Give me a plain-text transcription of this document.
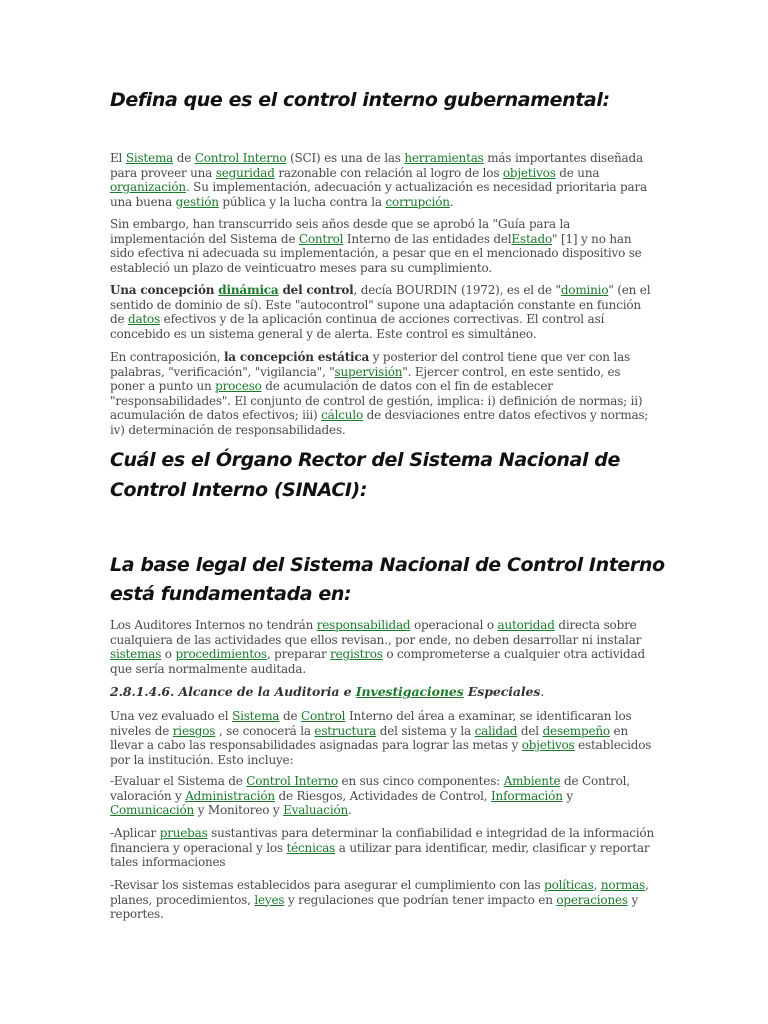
Defina que es el control interno gubernamental:
El Sistema de Control Interno (SCI) es una de las herramientas más importantes diseñada para proveer una seguridad razonable con relación al logro de los objetivos de una organización. Su implementación, adecuación y actualización es necesidad prioritaria para una buena gestión pública y la lucha contra la corrupción.
Sin embargo, han transcurrido seis años desde que se aprobó la "Guía para la implementación del Sistema de Control Interno de las entidades delEstado" [1] y no han sido efectiva ni adecuada su implementación, a pesar que en el mencionado dispositivo se estableció un plazo de veinticuatro meses para su cumplimiento.
Una concepción dinámica del control, decía BOURDIN (1972), es el de "dominio" (en el sentido de dominio de sí). Este "autocontrol" supone una adaptación constante en función de datos efectivos y de la aplicación continua de acciones correctivas. El control así concebido es un sistema general y de alerta. Este control es simultáneo.
En contraposición, la concepción estática y posterior del control tiene que ver con las palabras, "verificación", "vigilancia", "supervisión". Ejercer control, en este sentido, es poner a punto un proceso de acumulación de datos con el fin de establecer "responsabilidades". El conjunto de control de gestión, implica: i) definición de normas; ii) acumulación de datos efectivos; iii) cálculo de desviaciones entre datos efectivos y normas; iv) determinación de responsabilidades.
Cuál es el Órgano Rector del Sistema Nacional de
Control Interno (SINACI):
La base legal del Sistema Nacional de Control Interno
está fundamentada en:
Los Auditores Internos no tendrán responsabilidad operacional o autoridad directa sobre cualquiera de las actividades que ellos revisan., por ende, no deben desarrollar ni instalar sistemas o procedimientos, preparar registros o comprometerse a cualquier otra actividad que sería normalmente auditada.
2.8.1.4.6. Alcance de la Auditoria e Investigaciones Especiales.
Una vez evaluado el Sistema de Control Interno del área a examinar, se identificaran los niveles de riesgos , se conocerá la estructura del sistema y la calidad del desempeño en llevar a cabo las responsabilidades asignadas para lograr las metas y objetivos establecidos por la institución. Esto incluye:
-Evaluar el Sistema de Control Interno en sus cinco componentes: Ambiente de Control, valoración y Administración de Riesgos, Actividades de Control, Información y Comunicación y Monitoreo y Evaluación.
-Aplicar pruebas sustantivas para determinar la confiabilidad e integridad de la información financiera y operacional y los técnicas a utilizar para identificar, medir, clasificar y reportar tales informaciones
-Revisar los sistemas establecidos para asegurar el cumplimiento con las políticas, normas, planes, procedimientos, leyes y regulaciones que podrían tener impacto en operaciones y reportes.
